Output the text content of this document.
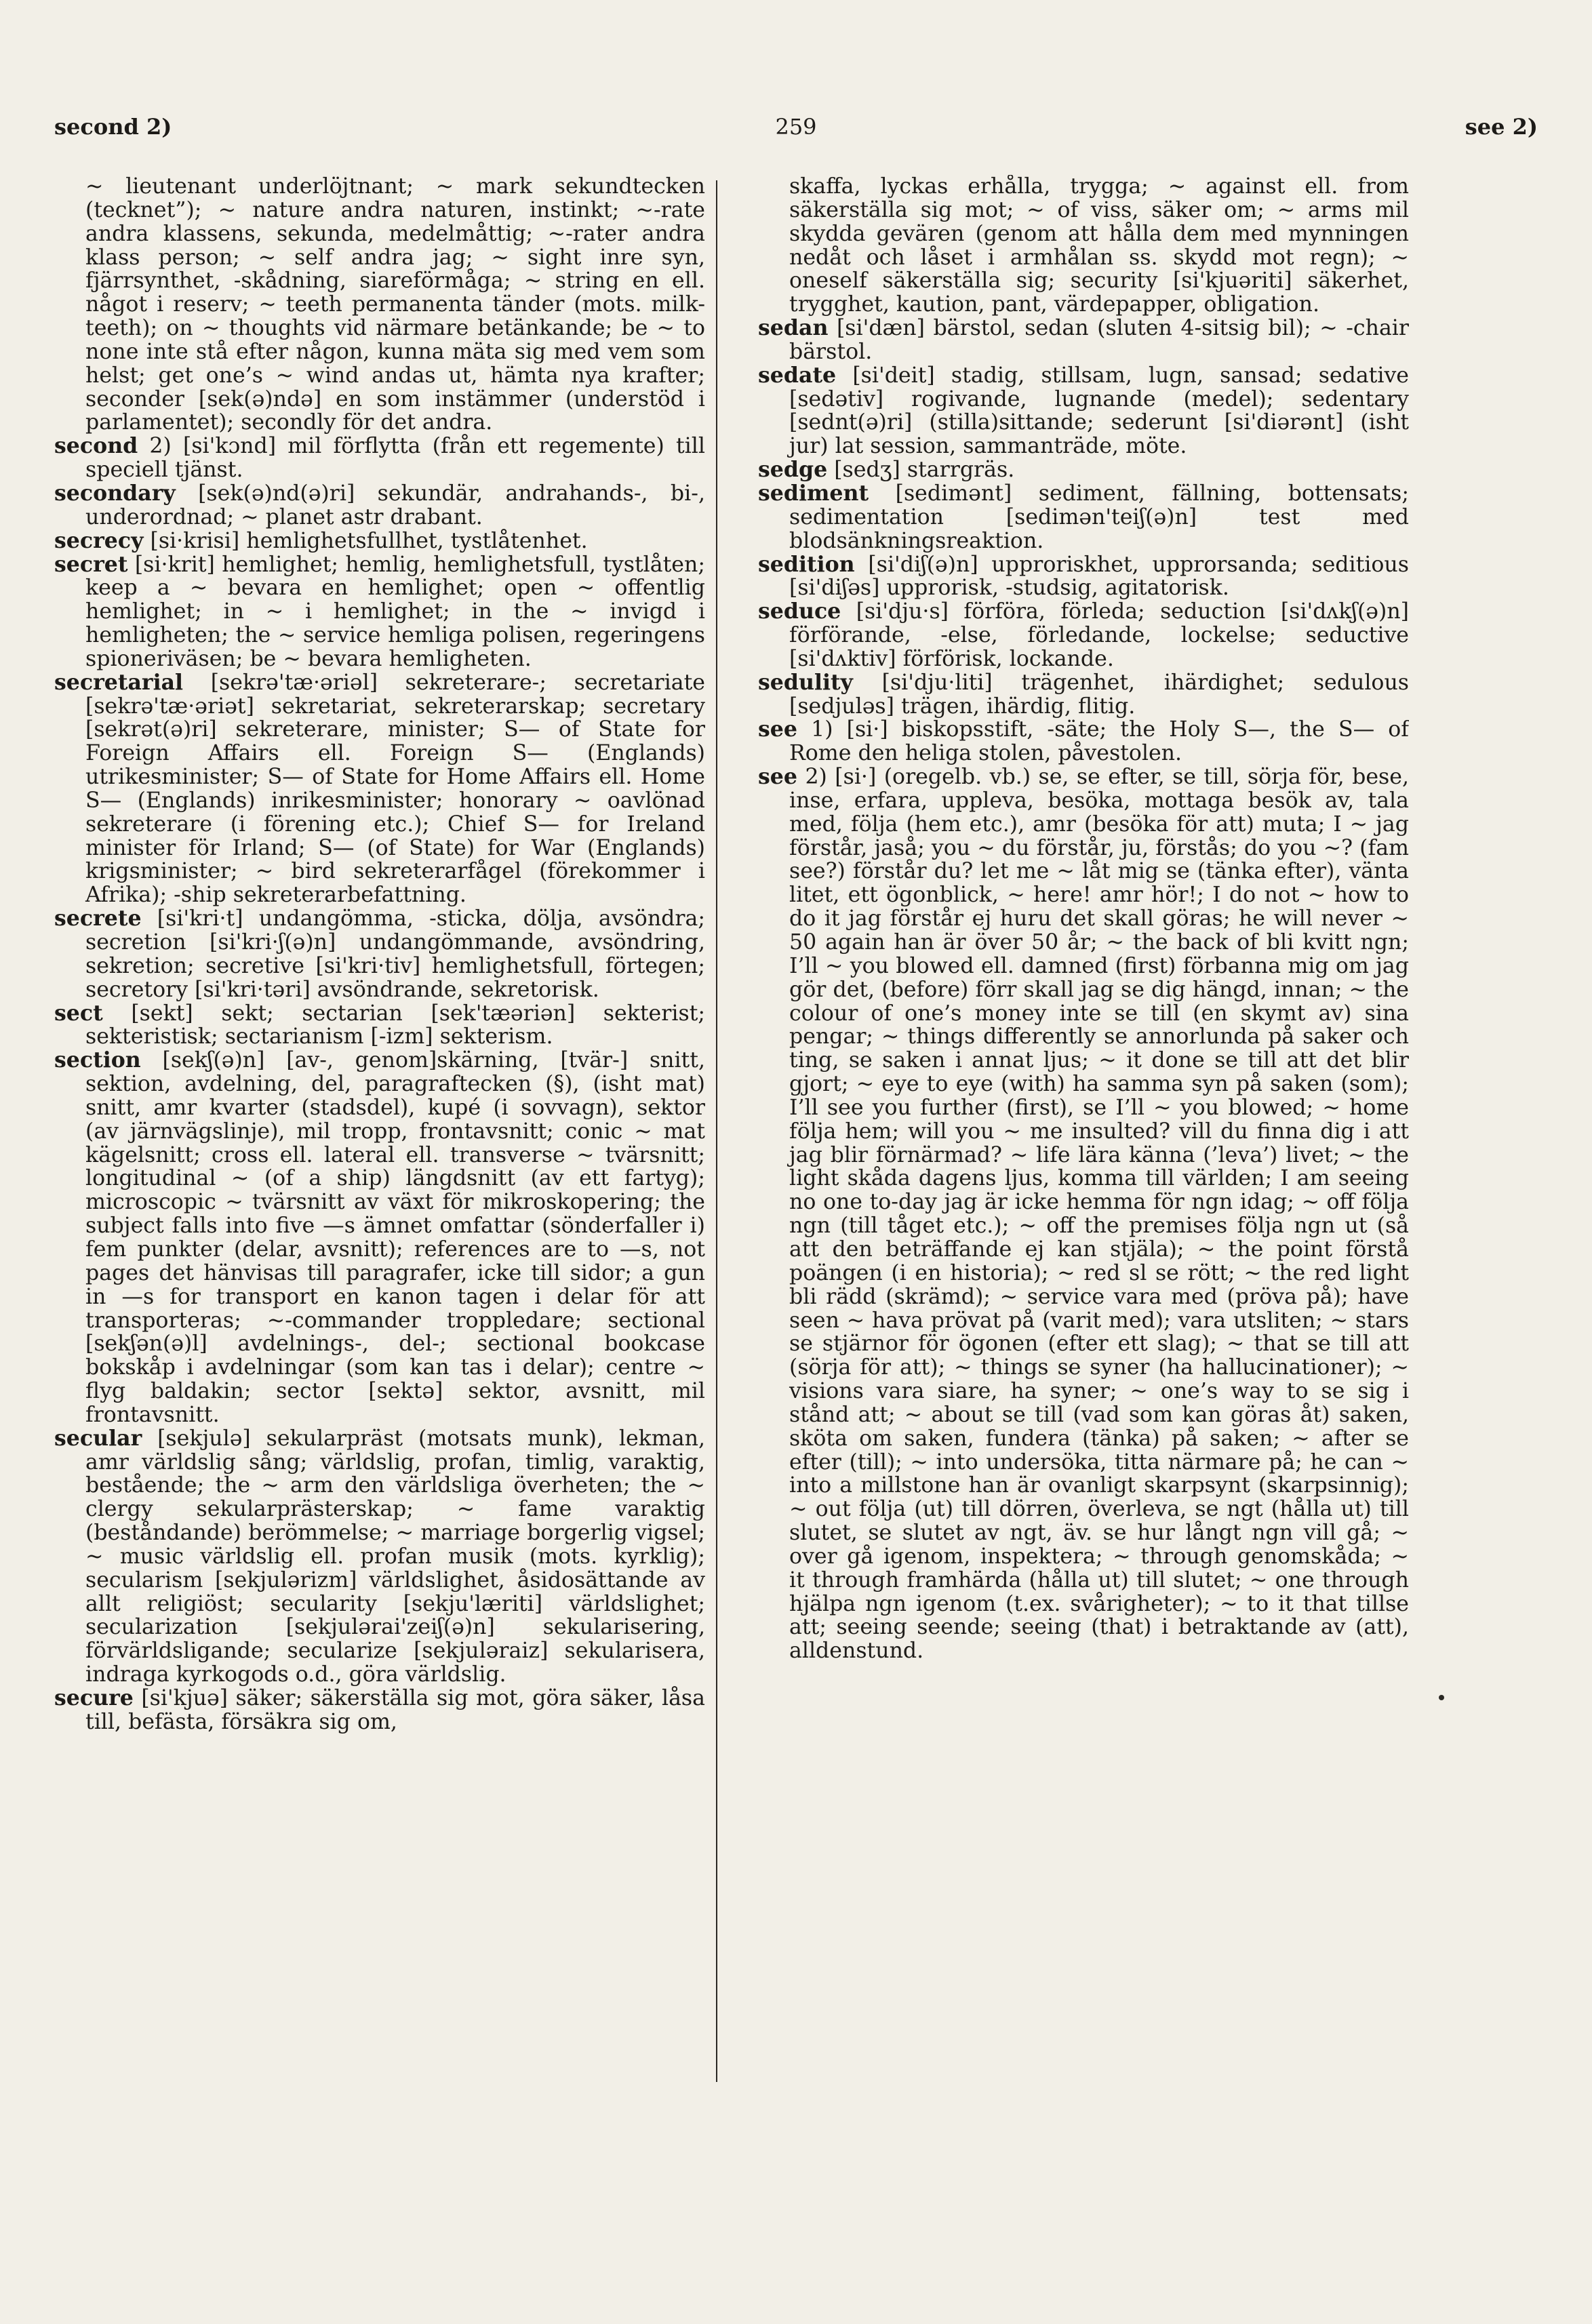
second 2)	259	see 2)

~ lieutenant underlöjtnant; ~ mark sekundtecken (tecknet”); ~ nature andra naturen, instinkt; ~-rate andra klassens, sekunda, medelmåttig; ~-rater andra klass person; ~ self andra jag; ~ sight inre syn, fjärrsynthet, -skådning, siareförmåga; ~ string en ell. något i reserv; ~ teeth permanenta tänder (mots. milk-teeth); on ~ thoughts vid närmare betänkande; be ~ to none inte stå efter någon, kunna mäta sig med vem som helst; get one’s ~ wind andas ut, hämta nya krafter; seconder [sek(ə)ndə] en som instämmer (understöd i parlamentet); secondly för det andra.

second 2) [si'kɔnd] mil förflytta (från ett regemente) till speciell tjänst.

secondary [sek(ə)nd(ə)ri] sekundär, andrahands-, bi-, underordnad; ~ planet astr drabant.

secrecy [si·krisi] hemlighetsfullhet, tystlåtenhet.

secret [si·krit] hemlighet; hemlig, hemlighetsfull, tystlåten; keep a ~ bevara en hemlighet; open ~ offentlig hemlighet; in ~ i hemlighet; in the ~ invigd i hemligheten; the ~ service hemliga polisen, regeringens spioneriväsen; be ~ bevara hemligheten.

secretarial [sekrə'tæ·əriəl] sekreterare-; secretariate [sekrə'tæ·əriət] sekretariat, sekreterarskap; secretary [sekrət(ə)ri] sekreterare, minister; S— of State for Foreign Affairs ell. Foreign S— (Englands) utrikesminister; S— of State for Home Affairs ell. Home S— (Englands) inrikesminister; honorary ~ oavlönad sekreterare (i förening etc.); Chief S— for Ireland minister för Irland; S— (of State) for War (Englands) krigsminister; ~ bird sekreterarfågel (förekommer i Afrika); -ship sekreterarbefattning.

secrete [si'kri·t] undangömma, -sticka, dölja, avsöndra; secretion [si'kri·ʃ(ə)n] undangömmande, avsöndring, sekretion; secretive [si'kri·tiv] hemlighetsfull, förtegen; secretory [si'kri·təri] avsöndrande, sekretorisk.

sect [sekt] sekt; sectarian [sek'tæəriən] sekterist; sekteristisk; sectarianism [-izm] sekterism.

section [sekʃ(ə)n] [av-, genom]skärning, [tvär-] snitt, sektion, avdelning, del, paragraftecken (§), (isht mat) snitt, amr kvarter (stadsdel), kupé (i sovvagn), sektor (av järnvägslinje), mil tropp, frontavsnitt; conic ~ mat kägelsnitt; cross ell. lateral ell. transverse ~ tvärsnitt; longitudinal ~ (of a ship) längdsnitt (av ett fartyg); microscopic ~ tvärsnitt av växt för mikroskopering; the subject falls into five —s ämnet omfattar (sönderfaller i) fem punkter (delar, avsnitt); references are to —s, not pages det hänvisas till paragrafer, icke till sidor; a gun in —s for transport en kanon tagen i delar för att transporteras; ~-commander troppledare; sectional [sekʃən(ə)l] avdelnings-, del-; sectional bookcase bokskåp i avdelningar (som kan tas i delar); centre ~ flyg baldakin; sector [sektə] sektor, avsnitt, mil frontavsnitt.

secular [sekjulə] sekularpräst (motsats munk), lekman, amr världslig sång; världslig, profan, timlig, varaktig, bestående; the ~ arm den världsliga överheten; the ~ clergy sekularprästerskap; ~ fame varaktig (beståndande) berömmelse; ~ marriage borgerlig vigsel; ~ music världslig ell. profan musik (mots. kyrklig); secularism [sekjulərizm] världslighet, åsidosättande av allt religiöst; secularity [sekju'læriti] världslighet; secularization [sekjulərai'zeiʃ(ə)n] sekularisering, förvärldsligande; secularize [sekjuləraiz] sekularisera, indraga kyrkogods o.d., göra världslig.

secure [si'kjuə] säker; säkerställa sig mot, göra säker, låsa till, befästa, försäkra sig om,

skaffa, lyckas erhålla, trygga; ~ against ell. from säkerställa sig mot; ~ of viss, säker om; ~ arms mil skydda gevären (genom att hålla dem med mynningen nedåt och låset i armhålan ss. skydd mot regn); ~ oneself säkerställa sig; security [si'kjuəriti] säkerhet, trygghet, kaution, pant, värdepapper, obligation.

sedan [si'dæn] bärstol, sedan (sluten 4-sitsig bil); ~ -chair bärstol.

sedate [si'deit] stadig, stillsam, lugn, sansad; sedative [sedətiv] rogivande, lugnande (medel); sedentary [sednt(ə)ri] (stilla)sittande; sederunt [si'diərənt] (isht jur) lat session, sammanträde, möte.

sedge [sedʒ] starrgräs.

sediment [sedimənt] sediment, fällning, bottensats; sedimentation [sedimən'teiʃ(ə)n] test med blodsänkningsreaktion.

sedition [si'diʃ(ə)n] upproriskhet, upprorsanda; seditious [si'diʃəs] upprorisk, -studsig, agitatorisk.

seduce [si'dju·s] förföra, förleda; seduction [si'dʌkʃ(ə)n] förförande, -else, förledande, lockelse; seductive [si'dʌktiv] förförisk, lockande.

sedulity [si'dju·liti] trägenhet, ihärdighet; sedulous [sedjuləs] trägen, ihärdig, flitig.

see 1) [si·] biskopsstift, -säte; the Holy S—, the S— of Rome den heliga stolen, påvestolen.

see 2) [si·] (oregelb. vb.) se, se efter, se till, sörja för, bese, inse, erfara, uppleva, besöka, mottaga besök av, tala med, följa (hem etc.), amr (besöka för att) muta; I ~ jag förstår, jaså; you ~ du förstår, ju, förstås; do you ~? (fam see?) förstår du? let me ~ låt mig se (tänka efter), vänta litet, ett ögonblick, ~ here! amr hör!; I do not ~ how to do it jag förstår ej huru det skall göras; he will never ~ 50 again han är över 50 år; ~ the back of bli kvitt ngn; I’ll ~ you blowed ell. damned (first) förbanna mig om jag gör det, (before) förr skall jag se dig hängd, innan; ~ the colour of one’s money inte se till (en skymt av) sina pengar; ~ things differently se annorlunda på saker och ting, se saken i annat ljus; ~ it done se till att det blir gjort; ~ eye to eye (with) ha samma syn på saken (som); I’ll see you further (first), se I’ll ~ you blowed; ~ home följa hem; will you ~ me insulted? vill du finna dig i att jag blir förnärmad? ~ life lära känna (’leva’) livet; ~ the light skåda dagens ljus, komma till världen; I am seeing no one to-day jag är icke hemma för ngn idag; ~ off följa ngn (till tåget etc.); ~ off the premises följa ngn ut (så att den beträffande ej kan stjäla); ~ the point förstå poängen (i en historia); ~ red sl se rött; ~ the red light bli rädd (skrämd); ~ service vara med (pröva på); have seen ~ hava prövat på (varit med); vara utsliten; ~ stars se stjärnor för ögonen (efter ett slag); ~ that se till att (sörja för att); ~ things se syner (ha hallucinationer); ~ visions vara siare, ha syner; ~ one’s way to se sig i stånd att; ~ about se till (vad som kan göras åt) saken, sköta om saken, fundera (tänka) på saken; ~ after se efter (till); ~ into undersöka, titta närmare på; he can ~ into a millstone han är ovanligt skarpsynt (skarpsinnig); ~ out följa (ut) till dörren, överleva, se ngt (hålla ut) till slutet, se slutet av ngt, äv. se hur långt ngn vill gå; ~ over gå igenom, inspektera; ~ through genomskåda; ~ it through framhärda (hålla ut) till slutet; ~ one through hjälpa ngn igenom (t.ex. svårigheter); ~ to it that tillse att; seeing seende; seeing (that) i betraktande av (att), alldenstund.
